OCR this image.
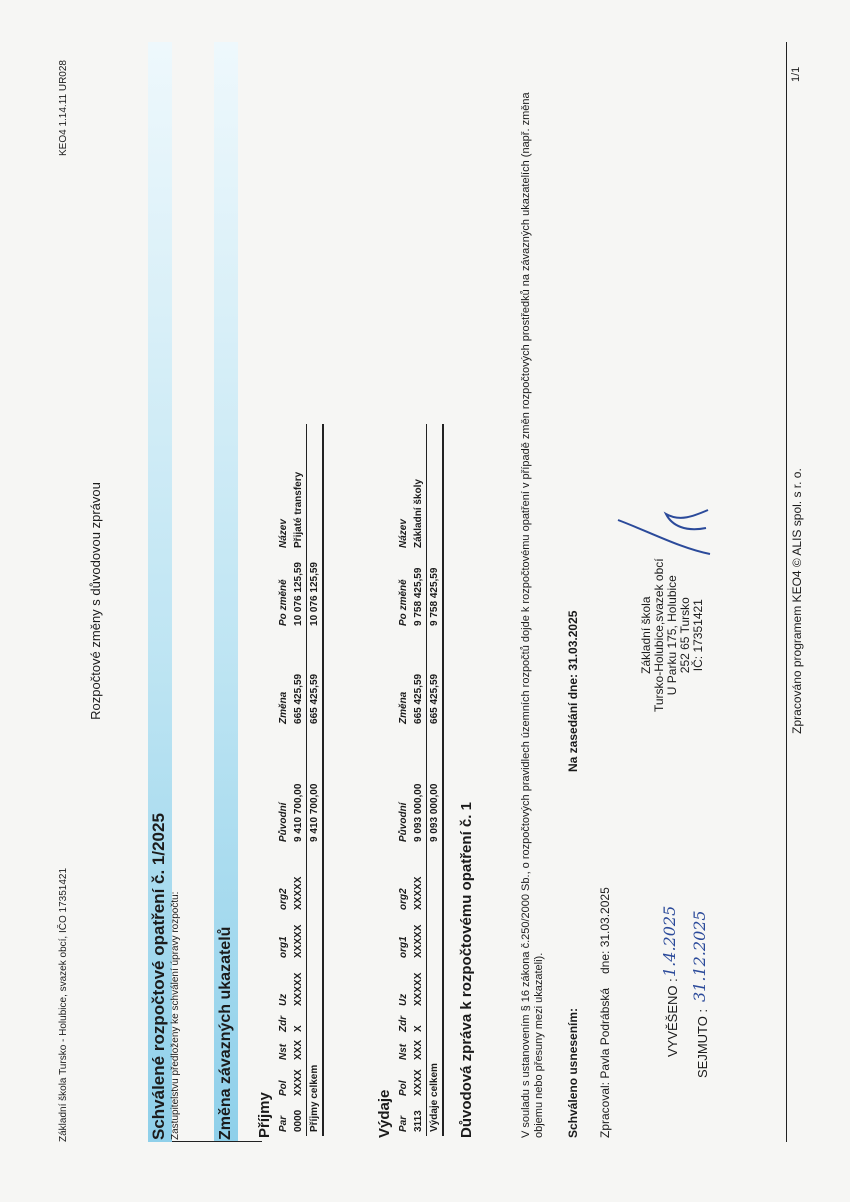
Základní škola Tursko - Holubice, svazek obcí, IČO 17351421
Rozpočtové změny s důvodovou zprávou
KEO4 1.14.11 UR028
Schválené rozpočtové opatření č. 1/2025 Zastupitelstvu předloženy ke schválení úpravy rozpočtu: Změna závazných ukazatelů Příjmy Par	Pol	Nst	Zdr	Uz	org1	org2	Původní	Změna	Po změně	Název
0000	XXXX	XXX	X	XXXXX	XXXXX	XXXXX	9 410 700,00	665 425,59	10 076 125,59	Přijaté transfery
Příjmy celkem							9 410 700,00	665 425,59	10 076 125,59	
Výdaje Par	Pol	Nst	Zdr	Uz	org1	org2	Původní	Změna	Po změně	Název
3113	XXXX	XXX	X	XXXXX	XXXXX	XXXXX	9 093 000,00	665 425,59	9 758 425,59	Základní školy
Výdaje celkem							9 093 000,00	665 425,59	9 758 425,59	
Důvodová zpráva k rozpočtovému opatření č. 1	V souladu s ustanovením § 16 zákona č.250/2000 Sb., o rozpočtových pravidlech územních rozpočtů dojde k rozpočtovému opatření v případě změn rozpočtových prostředků na závazných ukazatelích (např. změna objemu nebo přesuny mezi ukazateli). Schváleno usnesením:
Na zasedání dne: 31.03.2025
Zpracoval: Pavla Podrábská
dne: 31.03.2025
VYVĚŠENO :
1.4.2025
SEJMUTO :
31.12.2025
Základní škola Tursko-Holubice,svazek obcí U Parku 175, Holubice 252 65 Tursko IČ: 17351421	Zpracováno programem KEO4 © ALIS spol. s r. o.
1/1
